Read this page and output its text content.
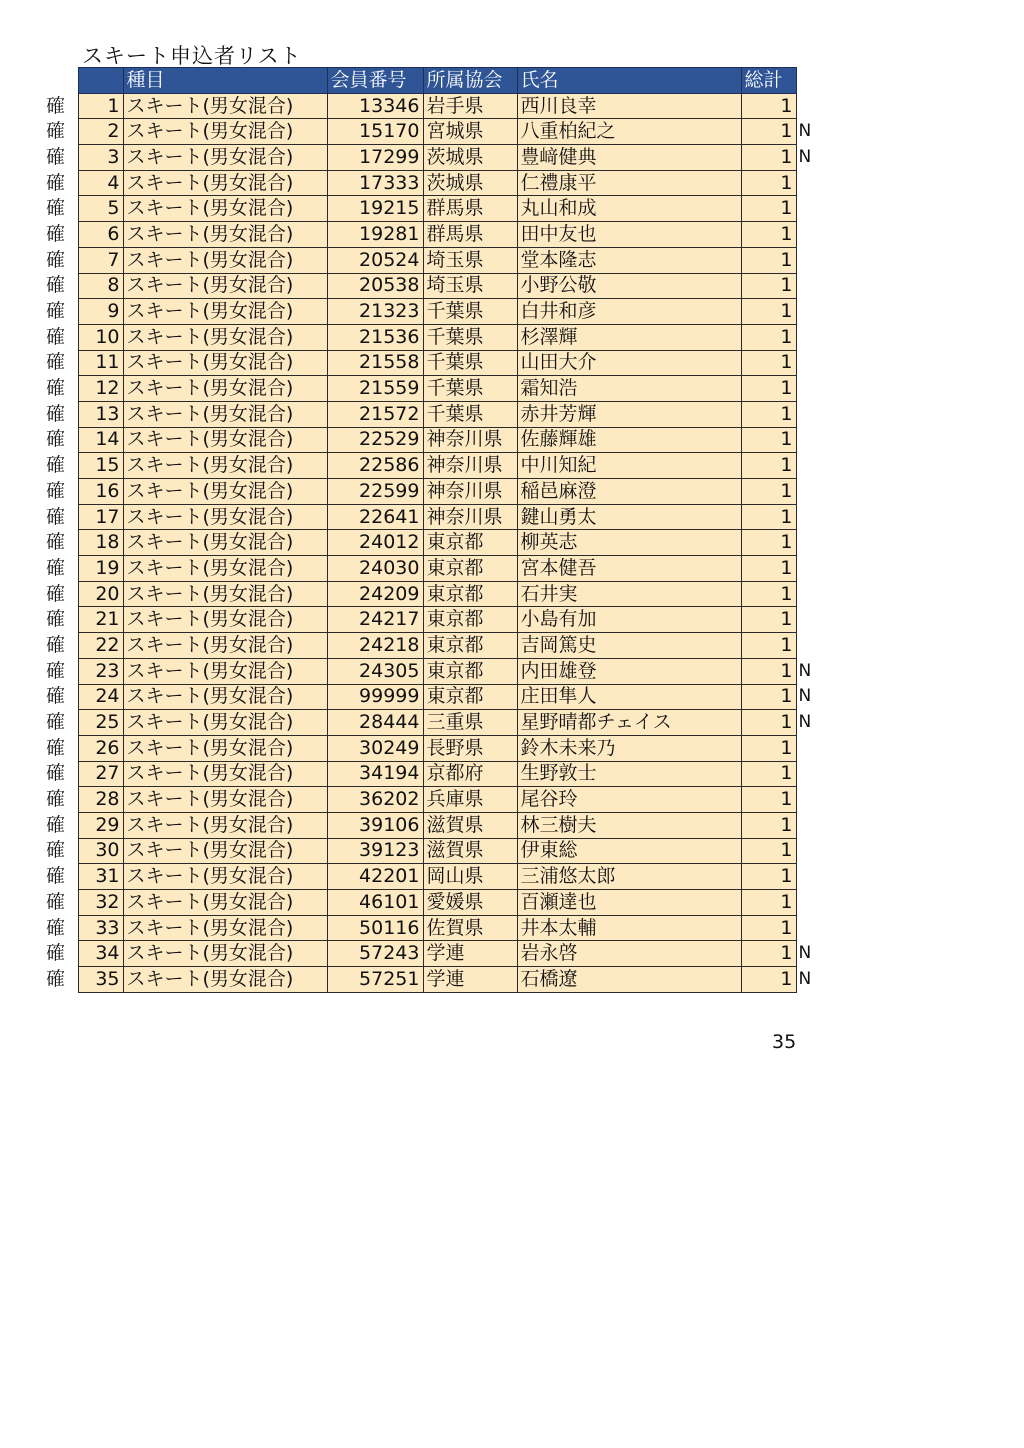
スキート申込者リスト
		種目	会員番号	所属協会	氏名	総計	
確	1	スキート(男女混合)	13346	岩手県	西川良幸	1	
確	2	スキート(男女混合)	15170	宮城県	八重柏紀之	1	N
確	3	スキート(男女混合)	17299	茨城県	豊﨑健典	1	N
確	4	スキート(男女混合)	17333	茨城県	仁禮康平	1	
確	5	スキート(男女混合)	19215	群馬県	丸山和成	1	
確	6	スキート(男女混合)	19281	群馬県	田中友也	1	
確	7	スキート(男女混合)	20524	埼玉県	堂本隆志	1	
確	8	スキート(男女混合)	20538	埼玉県	小野公敬	1	
確	9	スキート(男女混合)	21323	千葉県	白井和彦	1	
確	10	スキート(男女混合)	21536	千葉県	杉澤輝	1	
確	11	スキート(男女混合)	21558	千葉県	山田大介	1	
確	12	スキート(男女混合)	21559	千葉県	霜知浩	1	
確	13	スキート(男女混合)	21572	千葉県	赤井芳輝	1	
確	14	スキート(男女混合)	22529	神奈川県	佐藤輝雄	1	
確	15	スキート(男女混合)	22586	神奈川県	中川知紀	1	
確	16	スキート(男女混合)	22599	神奈川県	稲邑麻澄	1	
確	17	スキート(男女混合)	22641	神奈川県	鍵山勇太	1	
確	18	スキート(男女混合)	24012	東京都	柳英志	1	
確	19	スキート(男女混合)	24030	東京都	宮本健吾	1	
確	20	スキート(男女混合)	24209	東京都	石井実	1	
確	21	スキート(男女混合)	24217	東京都	小島有加	1	
確	22	スキート(男女混合)	24218	東京都	吉岡篤史	1	
確	23	スキート(男女混合)	24305	東京都	内田雄登	1	N
確	24	スキート(男女混合)	99999	東京都	庄田隼人	1	N
確	25	スキート(男女混合)	28444	三重県	星野晴都チェイス	1	N
確	26	スキート(男女混合)	30249	長野県	鈴木未来乃	1	
確	27	スキート(男女混合)	34194	京都府	生野敦士	1	
確	28	スキート(男女混合)	36202	兵庫県	尾谷玲	1	
確	29	スキート(男女混合)	39106	滋賀県	林三樹夫	1	
確	30	スキート(男女混合)	39123	滋賀県	伊東総	1	
確	31	スキート(男女混合)	42201	岡山県	三浦悠太郎	1	
確	32	スキート(男女混合)	46101	愛媛県	百瀬達也	1	
確	33	スキート(男女混合)	50116	佐賀県	井本太輔	1	
確	34	スキート(男女混合)	57243	学連	岩永啓	1	N
確	35	スキート(男女混合)	57251	学連	石橋遼	1	N
35
